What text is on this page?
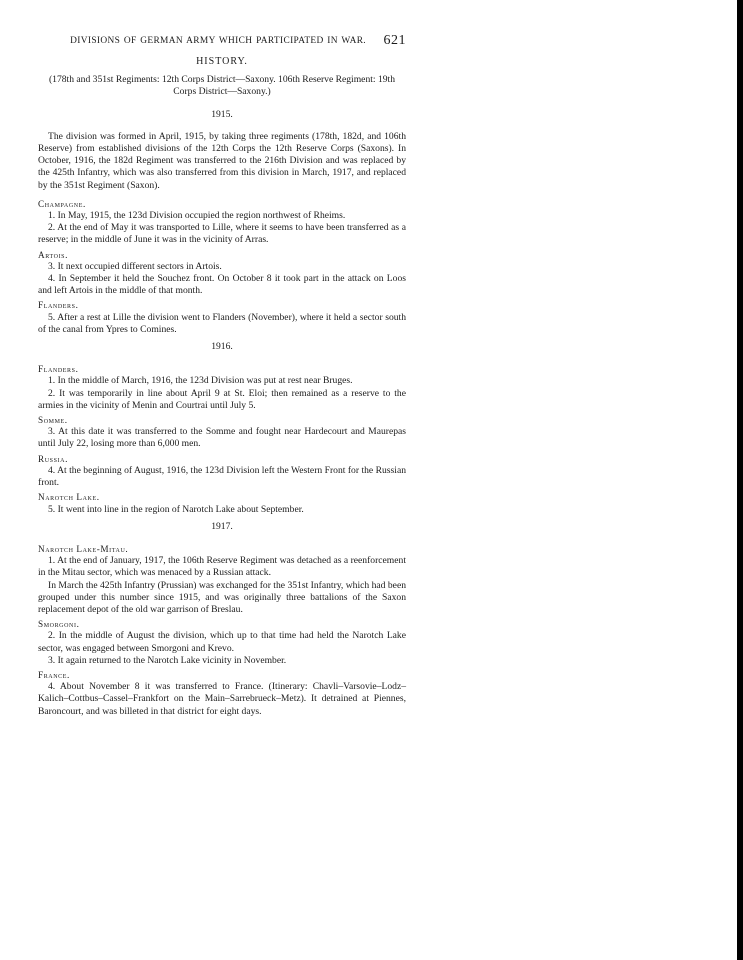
DIVISIONS OF GERMAN ARMY WHICH PARTICIPATED IN WAR. 621
HISTORY.
(178th and 351st Regiments: 12th Corps District—Saxony. 106th Reserve Regiment: 19th Corps District—Saxony.)
1915.

The division was formed in April, 1915, by taking three regiments (178th, 182d, and 106th Reserve) from established divisions of the 12th Corps the 12th Reserve Corps (Saxons). In October, 1916, the 182d Regiment was transferred to the 216th Division and was replaced by the 425th Infantry, which was also transferred from this division in March, 1917, and replaced by the 351st Regiment (Saxon).

Champagne.

1. In May, 1915, the 123d Division occupied the region northwest of Rheims.

2. At the end of May it was transported to Lille, where it seems to have been transferred as a reserve; in the middle of June it was in the vicinity of Arras.

Artois.

3. It next occupied different sectors in Artois.

4. In September it held the Souchez front. On October 8 it took part in the attack on Loos and left Artois in the middle of that month.

Flanders.

5. After a rest at Lille the division went to Flanders (November), where it held a sector south of the canal from Ypres to Comines.

1916.
Flanders.

1. In the middle of March, 1916, the 123d Division was put at rest near Bruges.

2. It was temporarily in line about April 9 at St. Eloi; then remained as a reserve to the armies in the vicinity of Menin and Courtrai until July 5.

Somme.

3. At this date it was transferred to the Somme and fought near Hardecourt and Maurepas until July 22, losing more than 6,000 men.

Russia.

4. At the beginning of August, 1916, the 123d Division left the Western Front for the Russian front.

Narotch Lake.

5. It went into line in the region of Narotch Lake about September.

1917.
Narotch Lake-Mitau.

1. At the end of January, 1917, the 106th Reserve Regiment was detached as a reenforcement in the Mitau sector, which was menaced by a Russian attack.

In March the 425th Infantry (Prussian) was exchanged for the 351st Infantry, which had been grouped under this number since 1915, and was originally three battalions of the Saxon replacement depot of the old war garrison of Breslau.

Smorgoni.

2. In the middle of August the division, which up to that time had held the Narotch Lake sector, was engaged between Smorgoni and Krevo.

3. It again returned to the Narotch Lake vicinity in November.

France.

4. About November 8 it was transferred to France. (Itinerary: Chavli–Varsovie–Lodz–Kalich–Cottbus–Cassel–Frankfort on the Main–Sarrebrueck–Metz). It detrained at Piennes, Baroncourt, and was billeted in that district for eight days.
